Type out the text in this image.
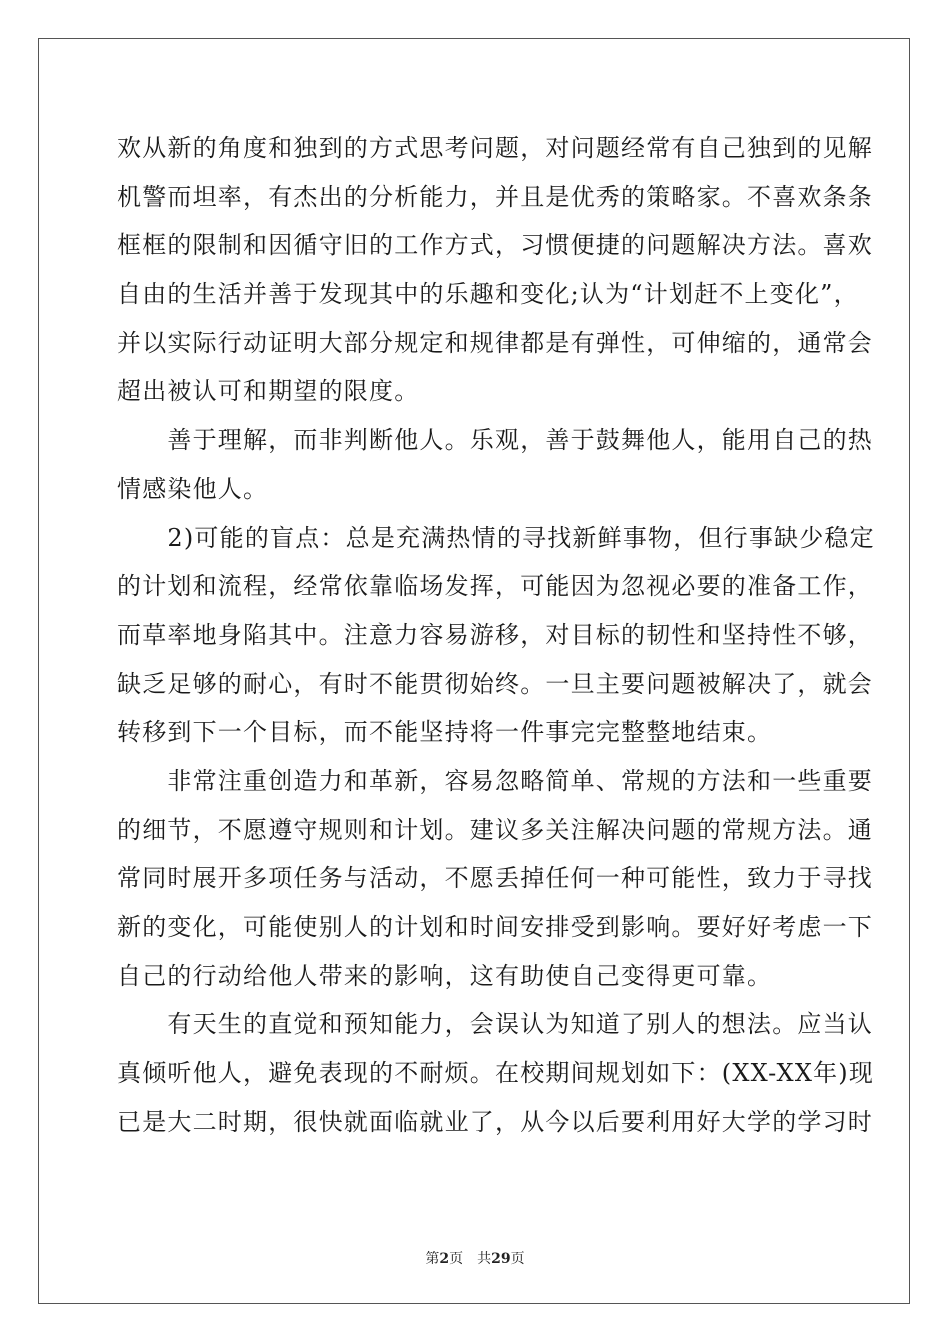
欢从新的角度和独到的方式思考问题，对问题经常有自己独到的见解
机警而坦率，有杰出的分析能力，并且是优秀的策略家。不喜欢条条
框框的限制和因循守旧的工作方式，习惯便捷的问题解决方法。喜欢
自由的生活并善于发现其中的乐趣和变化;认为“计划赶不上变化”，
并以实际行动证明大部分规定和规律都是有弹性，可伸缩的，通常会
超出被认可和期望的限度。
　　善于理解，而非判断他人。乐观，善于鼓舞他人，能用自己的热
情感染他人。
　　2)可能的盲点：总是充满热情的寻找新鲜事物，但行事缺少稳定
的计划和流程，经常依靠临场发挥，可能因为忽视必要的准备工作，
而草率地身陷其中。注意力容易游移，对目标的韧性和坚持性不够，
缺乏足够的耐心，有时不能贯彻始终。一旦主要问题被解决了，就会
转移到下一个目标，而不能坚持将一件事完完整整地结束。
　　非常注重创造力和革新，容易忽略简单、常规的方法和一些重要
的细节，不愿遵守规则和计划。建议多关注解决问题的常规方法。通
常同时展开多项任务与活动，不愿丢掉任何一种可能性，致力于寻找
新的变化，可能使别人的计划和时间安排受到影响。要好好考虑一下
自己的行动给他人带来的影响，这有助使自己变得更可靠。
　　有天生的直觉和预知能力，会误认为知道了别人的想法。应当认
真倾听他人，避免表现的不耐烦。在校期间规划如下：(XX-XX年)现
已是大二时期，很快就面临就业了，从今以后要利用好大学的学习时
第2页 共29页
